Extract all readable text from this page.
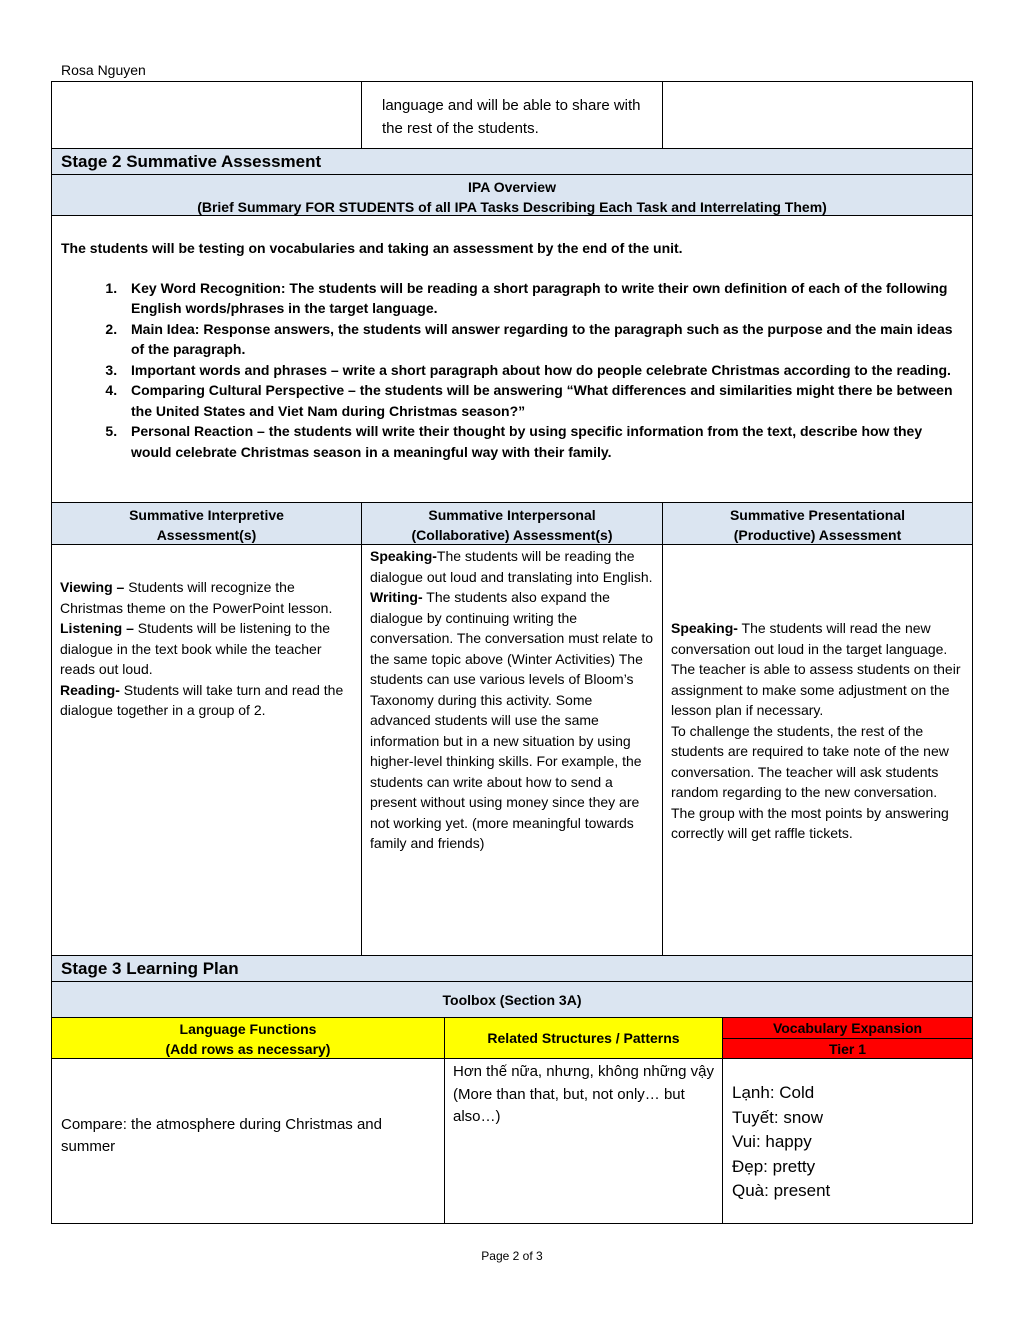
Rosa Nguyen
language and will be able to share with the rest of the students.
Stage 2 Summative Assessment
IPA Overview
(Brief Summary FOR STUDENTS of all IPA Tasks Describing Each Task and Interrelating Them)
The students will be testing on vocabularies and taking an assessment by the end of the unit.
1. Key Word Recognition: The students will be reading a short paragraph to write their own definition of each of the following English words/phrases in the target language.
2. Main Idea: Response answers, the students will answer regarding to the paragraph such as the purpose and the main ideas of the paragraph.
3. Important words and phrases – write a short paragraph about how do people celebrate Christmas according to the reading.
4. Comparing Cultural Perspective – the students will be answering “What differences and similarities might there be between the United States and Viet Nam during Christmas season?”
5. Personal Reaction – the students will write their thought by using specific information from the text, describe how they would celebrate Christmas season in a meaningful way with their family.
Summative Interpretive
Assessment(s)
Summative Interpersonal
(Collaborative) Assessment(s)
Summative Presentational
(Productive) Assessment

Viewing – Students will recognize the Christmas theme on the PowerPoint lesson.

Listening – Students will be listening to the dialogue in the text book while the teacher reads out loud.

Reading- Students will take turn and read the dialogue together in a group of 2.

Speaking-The students will be reading the dialogue out loud and translating into English.

Writing- The students also expand the dialogue by continuing writing the conversation. The conversation must relate to the same topic above (Winter Activities) The students can use various levels of Bloom’s Taxonomy during this activity. Some advanced students will use the same information but in a new situation by using higher-level thinking skills. For example, the students can write about how to send a present without using money since they are not working yet. (more meaningful towards family and friends)

Speaking- The students will read the new conversation out loud in the target language. The teacher is able to assess students on their assignment to make some adjustment on the lesson plan if necessary.

To challenge the students, the rest of the students are required to take note of the new conversation. The teacher will ask students random regarding to the new conversation. The group with the most points by answering correctly will get raffle tickets.

Stage 3 Learning Plan
Toolbox (Section 3A)
Language Functions
(Add rows as necessary)
Related Structures / Patterns
Vocabulary Expansion
Tier 1
Compare: the atmosphere during Christmas and summer
Hơn thế nữa, nhưng, không những vậy
(More than that, but, not only… but also…)
Lạnh: Cold
Tuyết: snow
Vui: happy
Đẹp: pretty
Quà: present
Page 2 of 3
